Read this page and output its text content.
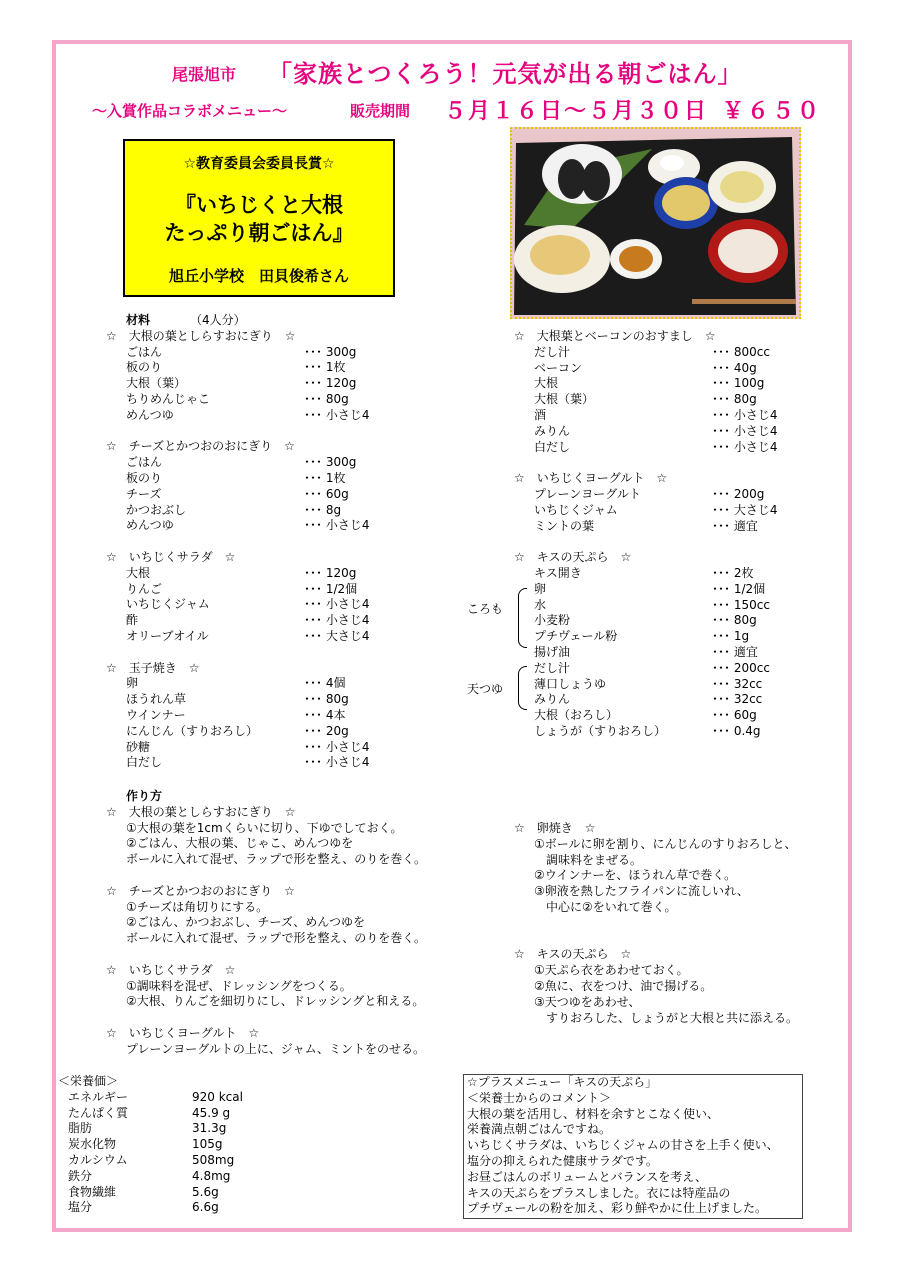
尾張旭市 「家族とつくろう！元気が出る朝ごはん」
～入賞作品コラボメニュー～	販売期間 ５月１６日～５月３０日 ￥６５０
☆教育委員会委員長賞☆
『いちじくと大根
たっぷり朝ごはん』
旭丘小学校　田貝俊希さん
材料	（4人分）
☆　大根の葉としらすおにぎり　☆
ごはん	･･･ 300g
板のり	･･･ 1枚
大根（葉）	･･･ 120g
ちりめんじゃこ	･･･ 80g
めんつゆ	･･･ 小さじ4
☆　チーズとかつおのおにぎり　☆
ごはん	･･･ 300g
板のり	･･･ 1枚
チーズ	･･･ 60g
かつおぶし	･･･ 8g
めんつゆ	･･･ 小さじ4
☆　いちじくサラダ　☆
大根	･･･ 120g
りんご	･･･ 1/2個
いちじくジャム	･･･ 小さじ4
酢	･･･ 小さじ4
オリーブオイル	･･･ 大さじ4
☆　玉子焼き　☆
卵	･･･ 4個
ほうれん草	･･･ 80g
ウインナー	･･･ 4本
にんじん（すりおろし）	･･･ 20g
砂糖	･･･ 小さじ4
白だし	･･･ 小さじ4
☆　大根葉とベーコンのおすまし　☆
だし汁	･･･ 800cc
ベーコン	･･･ 40g
大根	･･･ 100g
大根（葉）	･･･ 80g
酒	･･･ 小さじ4
みりん	･･･ 小さじ4
白だし	･･･ 小さじ4
☆　いちじくヨーグルト　☆
プレーンヨーグルト	･･･ 200g
いちじくジャム	･･･ 大さじ4
ミントの葉	･･･ 適宜
☆　キスの天ぷら　☆
キス開き	･･･ 2枚
卵	･･･ 1/2個
水	･･･ 150cc
小麦粉	･･･ 80g
プチヴェール粉	･･･ 1g
揚げ油	･･･ 適宜
だし汁	･･･ 200cc
薄口しょうゆ	･･･ 32cc
みりん	･･･ 32cc
大根（おろし）	･･･ 60g
しょうが（すりおろし）	･･･ 0.4g
ころも
天つゆ
作り方
☆　大根の葉としらすおにぎり　☆
①大根の葉を1cmくらいに切り、下ゆでしておく。
②ごはん、大根の葉、じゃこ、めんつゆを
ボールに入れて混ぜ、ラップで形を整え、のりを巻く。
☆　チーズとかつおのおにぎり　☆
①チーズは角切りにする。
②ごはん、かつおぶし、チーズ、めんつゆを
ボールに入れて混ぜ、ラップで形を整え、のりを巻く。
☆　いちじくサラダ　☆
①調味料を混ぜ、ドレッシングをつくる。
②大根、りんごを細切りにし、ドレッシングと和える。
☆　いちじくヨーグルト　☆
プレーンヨーグルトの上に、ジャム、ミントをのせる。
☆　卵焼き　☆
①ボールに卵を割り、にんじんのすりおろしと、
　調味料をまぜる。
②ウインナーを、ほうれん草で巻く。
③卵液を熱したフライパンに流しいれ、
　中心に②をいれて巻く。
☆　キスの天ぷら　☆
①天ぷら衣をあわせておく。
②魚に、衣をつけ、油で揚げる。
③天つゆをあわせ、
　すりおろした、しょうがと大根と共に添える。
＜栄養価＞
エネルギー	920 kcal
たんぱく質	45.9 g
脂肪	31.3g
炭水化物	105g
カルシウム	508mg
鉄分	4.8mg
食物繊維	5.6g
塩分	6.6g
☆プラスメニュー「キスの天ぷら」
＜栄養士からのコメント＞
大根の葉を活用し、材料を余すとこなく使い、
栄養満点朝ごはんですね。
いちじくサラダは、いちじくジャムの甘さを上手く使い、
塩分の抑えられた健康サラダです。
お昼ごはんのボリュームとバランスを考え、
キスの天ぷらをプラスしました。衣には特産品の
プチヴェールの粉を加え、彩り鮮やかに仕上げました。
